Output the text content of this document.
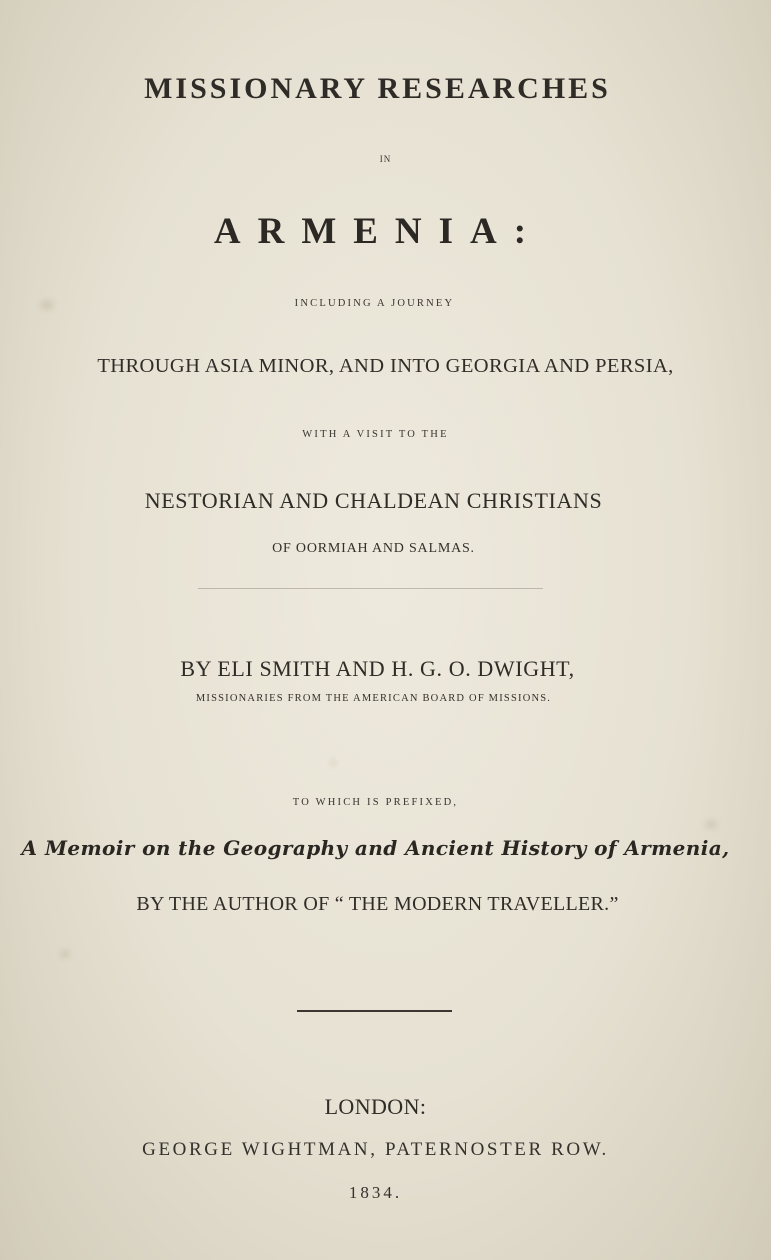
MISSIONARY RESEARCHES
IN
ARMENIA:
INCLUDING A JOURNEY
THROUGH ASIA MINOR, AND INTO GEORGIA AND PERSIA,
WITH A VISIT TO THE
NESTORIAN AND CHALDEAN CHRISTIANS
OF OORMIAH AND SALMAS.
BY ELI SMITH AND H. G. O. DWIGHT,
MISSIONARIES FROM THE AMERICAN BOARD OF MISSIONS.
TO WHICH IS PREFIXED,
A Memoir on the Geography and Ancient History of Armenia,
BY THE AUTHOR OF “ THE MODERN TRAVELLER.”
LONDON:
GEORGE WIGHTMAN, PATERNOSTER ROW.
1834.
